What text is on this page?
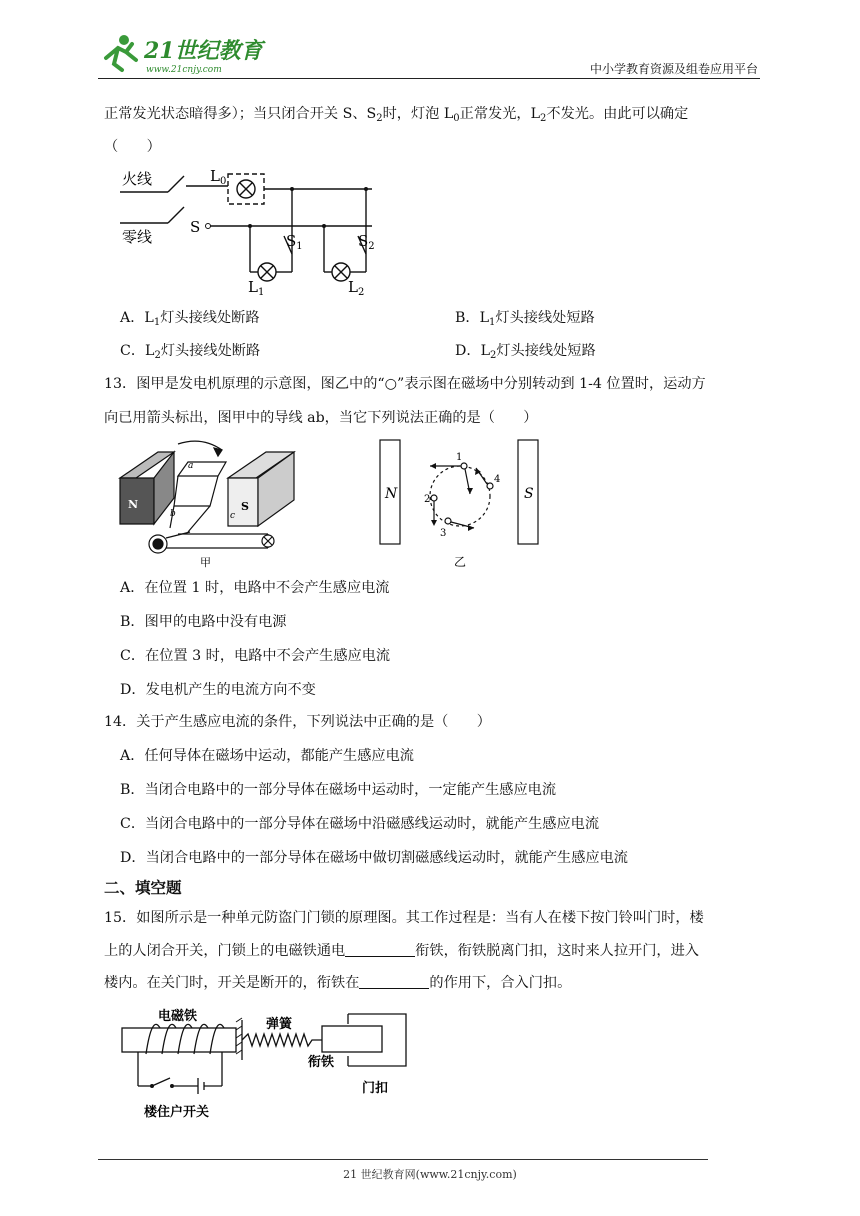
21世纪教育
www.21cnjy.com	中小学教育资源及组卷应用平台
正常发光状态暗得多）；当只闭合开关 S、$S_2$时，灯泡 $L_0$正常发光，$L_2$不发光。由此可以确定
（　　）
火线
零线
$L_0$
S
$S_1$	$S_2$
$L_1$	$L_2$
A．$L_1$灯头接线处断路	B．$L_1$灯头接线处短路
C．$L_2$灯头接线处断路	D．$L_2$灯头接线处短路
13．图甲是发电机原理的示意图，图乙中的“○”表示图在磁场中分别转动到 1-4 位置时，运动方
向已用箭头标出，图甲中的导线 ab，当它下列说法正确的是（　　）
N	S
a
b	c
甲
N	S
1
4
2
3
乙
A．在位置 1 时，电路中不会产生感应电流
B．图甲的电路中没有电源
C．在位置 3 时，电路中不会产生感应电流
D．发电机产生的电流方向不变
14．关于产生感应电流的条件，下列说法中正确的是（　　）
A．任何导体在磁场中运动，都能产生感应电流
B．当闭合电路中的一部分导体在磁场中运动时，一定能产生感应电流
C．当闭合电路中的一部分导体在磁场中沿磁感线运动时，就能产生感应电流
D．当闭合电路中的一部分导体在磁场中做切割磁感线运动时，就能产生感应电流
二、填空题
15．如图所示是一种单元防盗门门锁的原理图。其工作过程是：当有人在楼下按门铃叫门时，楼
上的人闭合开关，门锁上的电磁铁通电	衔铁，衔铁脱离门扣，这时来人拉开门，进入
楼内。在关门时，开关是断开的，衔铁在	的作用下，合入门扣。
电磁铁
弹簧
衔铁
门扣
楼住户开关
21 世纪教育网(www.21cnjy.com)
